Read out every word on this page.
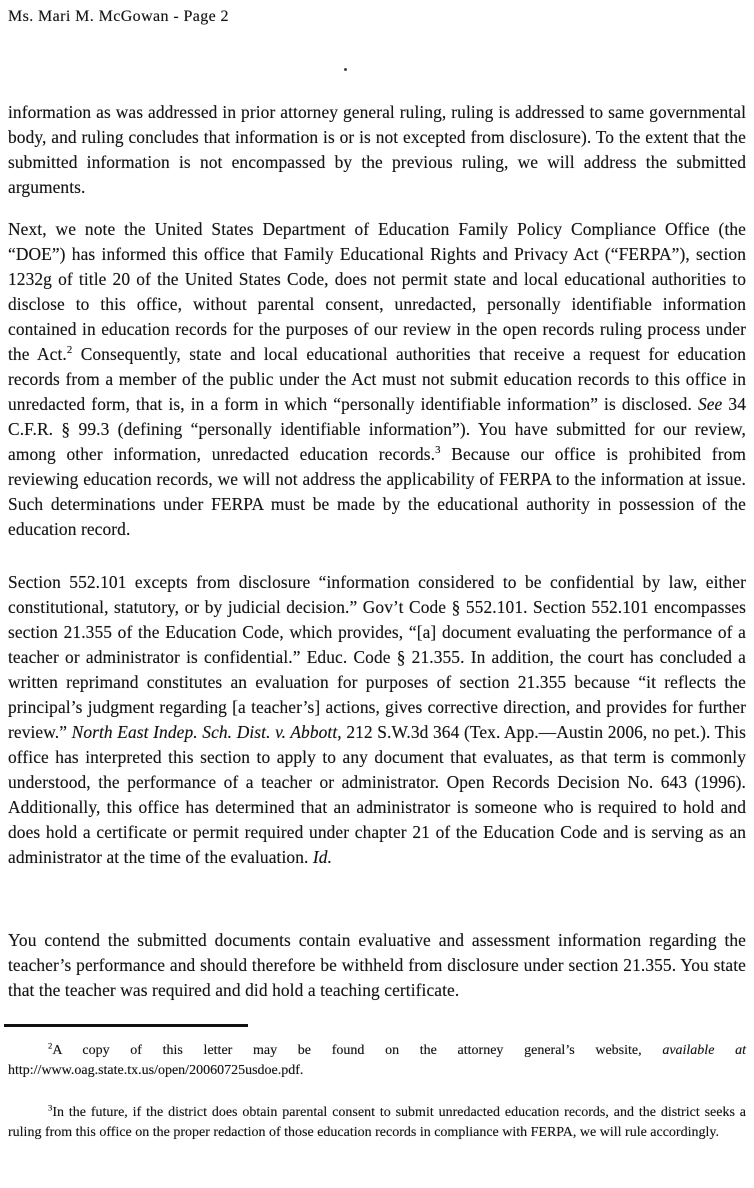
Ms. Mari M. McGowan - Page 2

information as was addressed in prior attorney general ruling, ruling is addressed to same governmental body, and ruling concludes that information is or is not excepted from disclosure). To the extent that the submitted information is not encompassed by the previous ruling, we will address the submitted arguments.

Next, we note the United States Department of Education Family Policy Compliance Office (the “DOE”) has informed this office that Family Educational Rights and Privacy Act (“FERPA”), section 1232g of title 20 of the United States Code, does not permit state and local educational authorities to disclose to this office, without parental consent, unredacted, personally identifiable information contained in education records for the purposes of our review in the open records ruling process under the Act.$^2$ Consequently, state and local educational authorities that receive a request for education records from a member of the public under the Act must not submit education records to this office in unredacted form, that is, in a form in which “personally identifiable information” is disclosed. See 34 C.F.R. § 99.3 (defining “personally identifiable information”). You have submitted for our review, among other information, unredacted education records.$^3$ Because our office is prohibited from reviewing education records, we will not address the applicability of FERPA to the information at issue. Such determinations under FERPA must be made by the educational authority in possession of the education record.

Section 552.101 excepts from disclosure “information considered to be confidential by law, either constitutional, statutory, or by judicial decision.” Gov’t Code § 552.101. Section 552.101 encompasses section 21.355 of the Education Code, which provides, “[a] document evaluating the performance of a teacher or administrator is confidential.” Educ. Code § 21.355. In addition, the court has concluded a written reprimand constitutes an evaluation for purposes of section 21.355 because “it reflects the principal’s judgment regarding [a teacher’s] actions, gives corrective direction, and provides for further review.” North East Indep. Sch. Dist. v. Abbott, 212 S.W.3d 364 (Tex. App.—Austin 2006, no pet.). This office has interpreted this section to apply to any document that evaluates, as that term is commonly understood, the performance of a teacher or administrator. Open Records Decision No. 643 (1996). Additionally, this office has determined that an administrator is someone who is required to hold and does hold a certificate or permit required under chapter 21 of the Education Code and is serving as an administrator at the time of the evaluation. Id.

You contend the submitted documents contain evaluative and assessment information regarding the teacher’s performance and should therefore be withheld from disclosure under section 21.355. You state that the teacher was required and did hold a teaching certificate.

$^2$A copy of this letter may be found on the attorney general’s website, available at http://www.oag.state.tx.us/open/20060725usdoe.pdf.

$^3$In the future, if the district does obtain parental consent to submit unredacted education records, and the district seeks a ruling from this office on the proper redaction of those education records in compliance with FERPA, we will rule accordingly.
